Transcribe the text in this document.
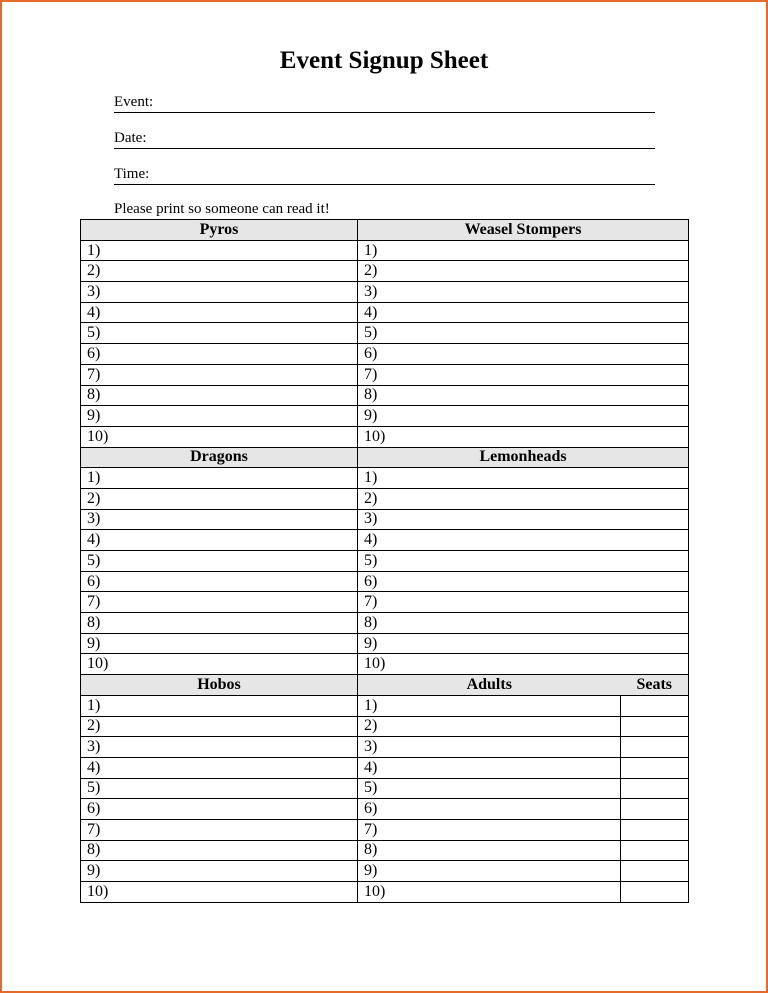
Event Signup Sheet
Event:
Date:
Time:
Please print so someone can read it!
Pyros	Weasel Stompers	
1)	1)	
2)	2)	
3)	3)	
4)	4)	
5)	5)	
6)	6)	
7)	7)	
8)	8)	
9)	9)	
10)	10)	
Dragons	Lemonheads	
1)	1)	
2)	2)	
3)	3)	
4)	4)	
5)	5)	
6)	6)	
7)	7)	
8)	8)	
9)	9)	
10)	10)	
Hobos	Adults	Seats
1)	1)	
2)	2)	
3)	3)	
4)	4)	
5)	5)	
6)	6)	
7)	7)	
8)	8)	
9)	9)	
10)	10)	
